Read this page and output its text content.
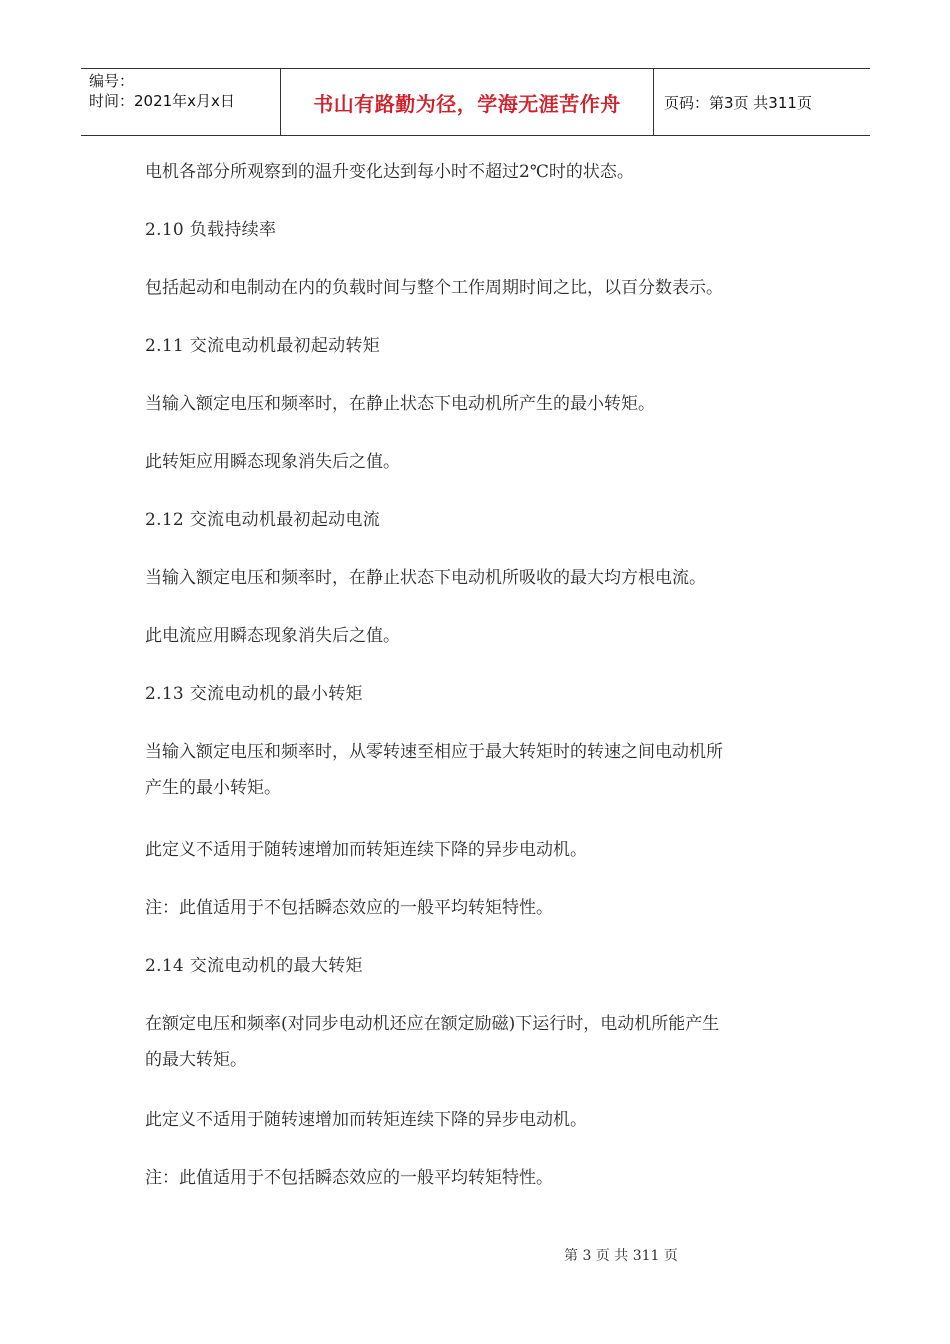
编号：
时间：2021年x月x日	书山有路勤为径，学海无涯苦作舟	页码：第3页 共311页
电机各部分所观察到的温升变化达到每小时不超过2℃时的状态。
2.10 负载持续率
包括起动和电制动在内的负载时间与整个工作周期时间之比，以百分数表示。
2.11 交流电动机最初起动转矩
当输入额定电压和频率时，在静止状态下电动机所产生的最小转矩。
此转矩应用瞬态现象消失后之值。
2.12 交流电动机最初起动电流
当输入额定电压和频率时，在静止状态下电动机所吸收的最大均方根电流。
此电流应用瞬态现象消失后之值。
2.13 交流电动机的最小转矩
当输入额定电压和频率时，从零转速至相应于最大转矩时的转速之间电动机所
产生的最小转矩。
此定义不适用于随转速增加而转矩连续下降的异步电动机。
注：此值适用于不包括瞬态效应的一般平均转矩特性。
2.14 交流电动机的最大转矩
在额定电压和频率(对同步电动机还应在额定励磁)下运行时，电动机所能产生
的最大转矩。
此定义不适用于随转速增加而转矩连续下降的异步电动机。
注：此值适用于不包括瞬态效应的一般平均转矩特性。
第 3 页 共 311 页
